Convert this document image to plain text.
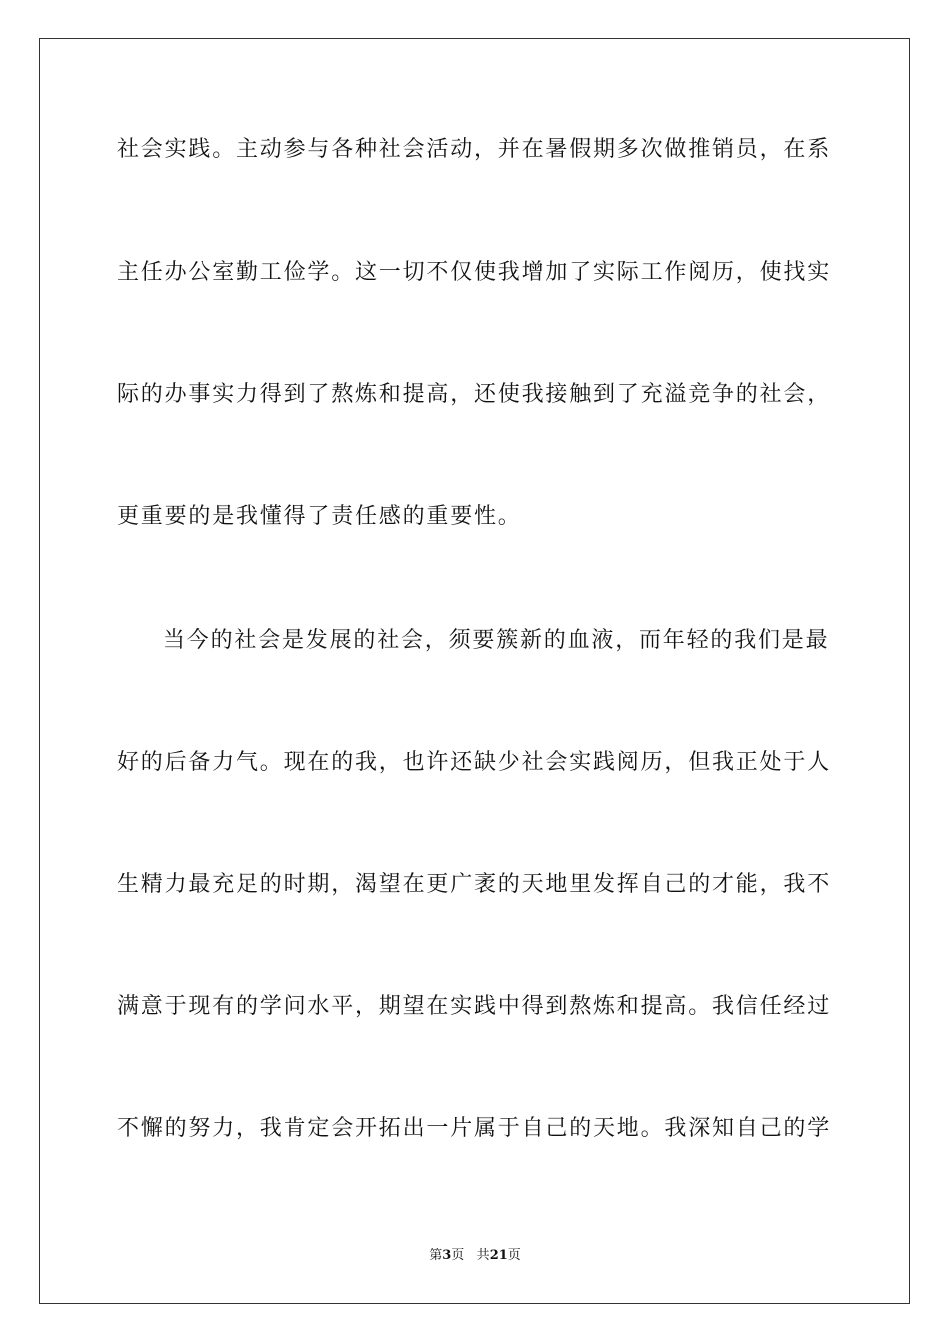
社会实践。主动参与各种社会活动，并在暑假期多次做推销员，在系
主任办公室勤工俭学。这一切不仅使我增加了实际工作阅历，使找实
际的办事实力得到了熬炼和提高，还使我接触到了充溢竞争的社会，
更重要的是我懂得了责任感的重要性。
当今的社会是发展的社会，须要簇新的血液，而年轻的我们是最
好的后备力气。现在的我，也许还缺少社会实践阅历，但我正处于人
生精力最充足的时期，渴望在更广袤的天地里发挥自己的才能，我不
满意于现有的学问水平，期望在实践中得到熬炼和提高。我信任经过
不懈的努力，我肯定会开拓出一片属于自己的天地。我深知自己的学
第3页 共21页
